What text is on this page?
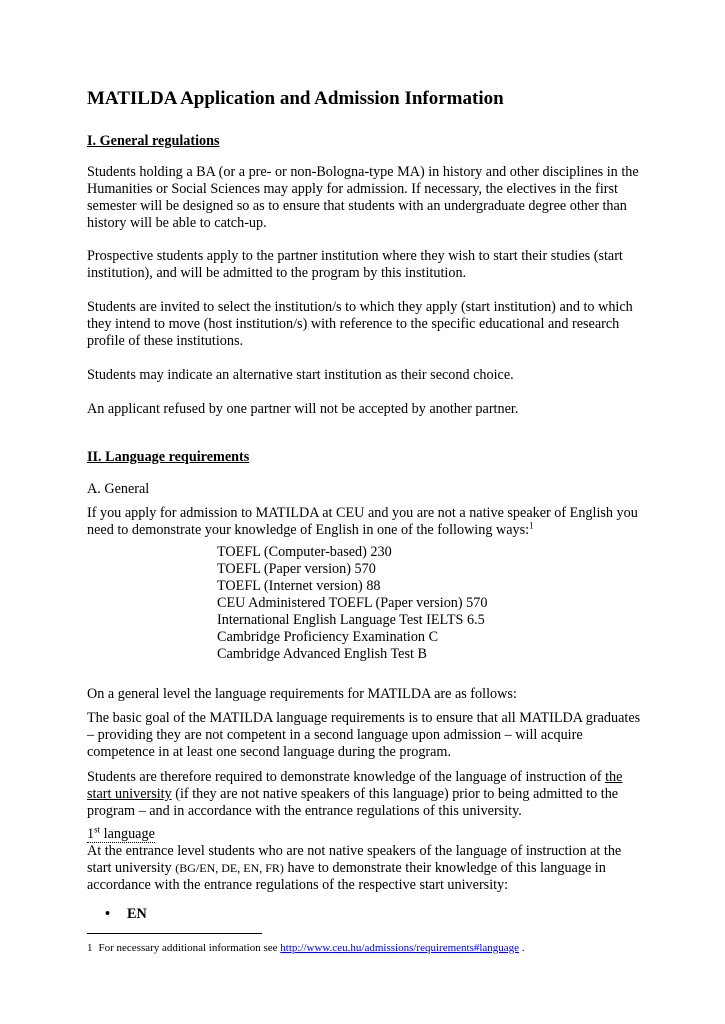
MATILDA Application and Admission Information
I. General regulations

Students holding a BA (or a pre- or non-Bologna-type MA) in history and other disciplines in the Humanities or Social Sciences may apply for admission. If necessary, the electives in the first semester will be designed so as to ensure that students with an undergraduate degree other than history will be able to catch-up.

Prospective students apply to the partner institution where they wish to start their studies (start institution), and will be admitted to the program by this institution.

Students are invited to select the institution/s to which they apply (start institution) and to which they intend to move (host institution/s) with reference to the specific educational and research profile of these institutions.

Students may indicate an alternative start institution as their second choice.

An applicant refused by one partner will not be accepted by another partner.

II. Language requirements

A. General

If you apply for admission to MATILDA at CEU and you are not a native speaker of English you need to demonstrate your knowledge of English in one of the following ways:$^1$

TOEFL (Computer-based) 230
TOEFL (Paper version) 570
TOEFL (Internet version) 88
CEU Administered TOEFL (Paper version) 570
International English Language Test IELTS 6.5
Cambridge Proficiency Examination C
Cambridge Advanced English Test B

On a general level the language requirements for MATILDA are as follows:

The basic goal of the MATILDA language requirements is to ensure that all MATILDA graduates – providing they are not competent in a second language upon admission – will acquire competence in at least one second language during the program.

Students are therefore required to demonstrate knowledge of the language of instruction of the start university (if they are not native speakers of this language) prior to being admitted to the program – and in accordance with the entrance regulations of this university.

1st language

At the entrance level students who are not native speakers of the language of instruction at the start university (BG/EN, DE, EN, FR) have to demonstrate their knowledge of this language in accordance with the entrance regulations of the respective start university:

• EN
1 For necessary additional information see http://www.ceu.hu/admissions/requirements#language .
